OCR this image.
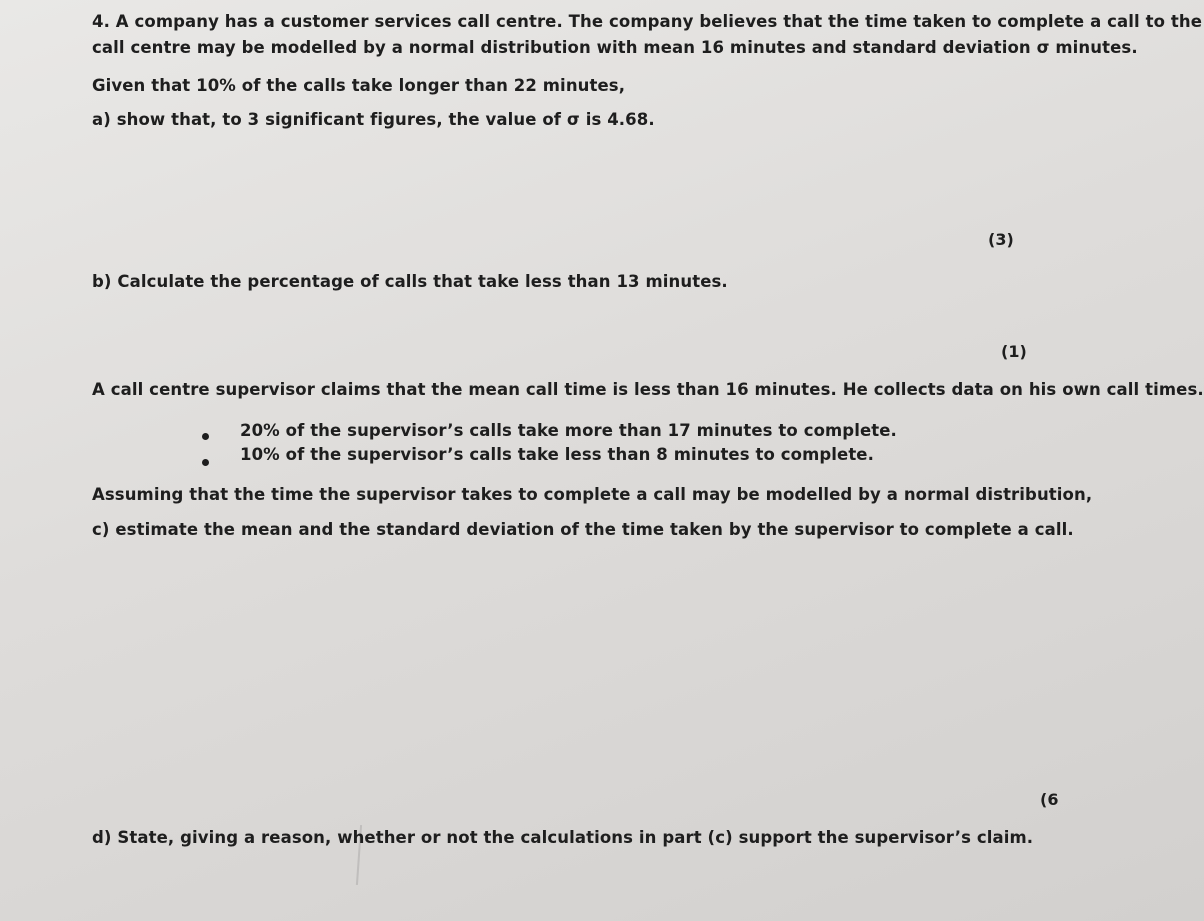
4. A company has a customer services call centre. The company believes that the time taken to complete a call to the
call centre may be modelled by a normal distribution with mean 16 minutes and standard deviation σ minutes.
Given that 10% of the calls take longer than 22 minutes,
a) show that, to 3 significant figures, the value of σ is 4.68.
(3)
b) Calculate the percentage of calls that take less than 13 minutes.
(1)
A call centre supervisor claims that the mean call time is less than 16 minutes. He collects data on his own call times.
20% of the supervisor’s calls take more than 17 minutes to complete.
10% of the supervisor’s calls take less than 8 minutes to complete.
Assuming that the time the supervisor takes to complete a call may be modelled by a normal distribution,
c) estimate the mean and the standard deviation of the time taken by the supervisor to complete a call.
(6
d) State, giving a reason, whether or not the calculations in part (c) support the supervisor’s claim.
